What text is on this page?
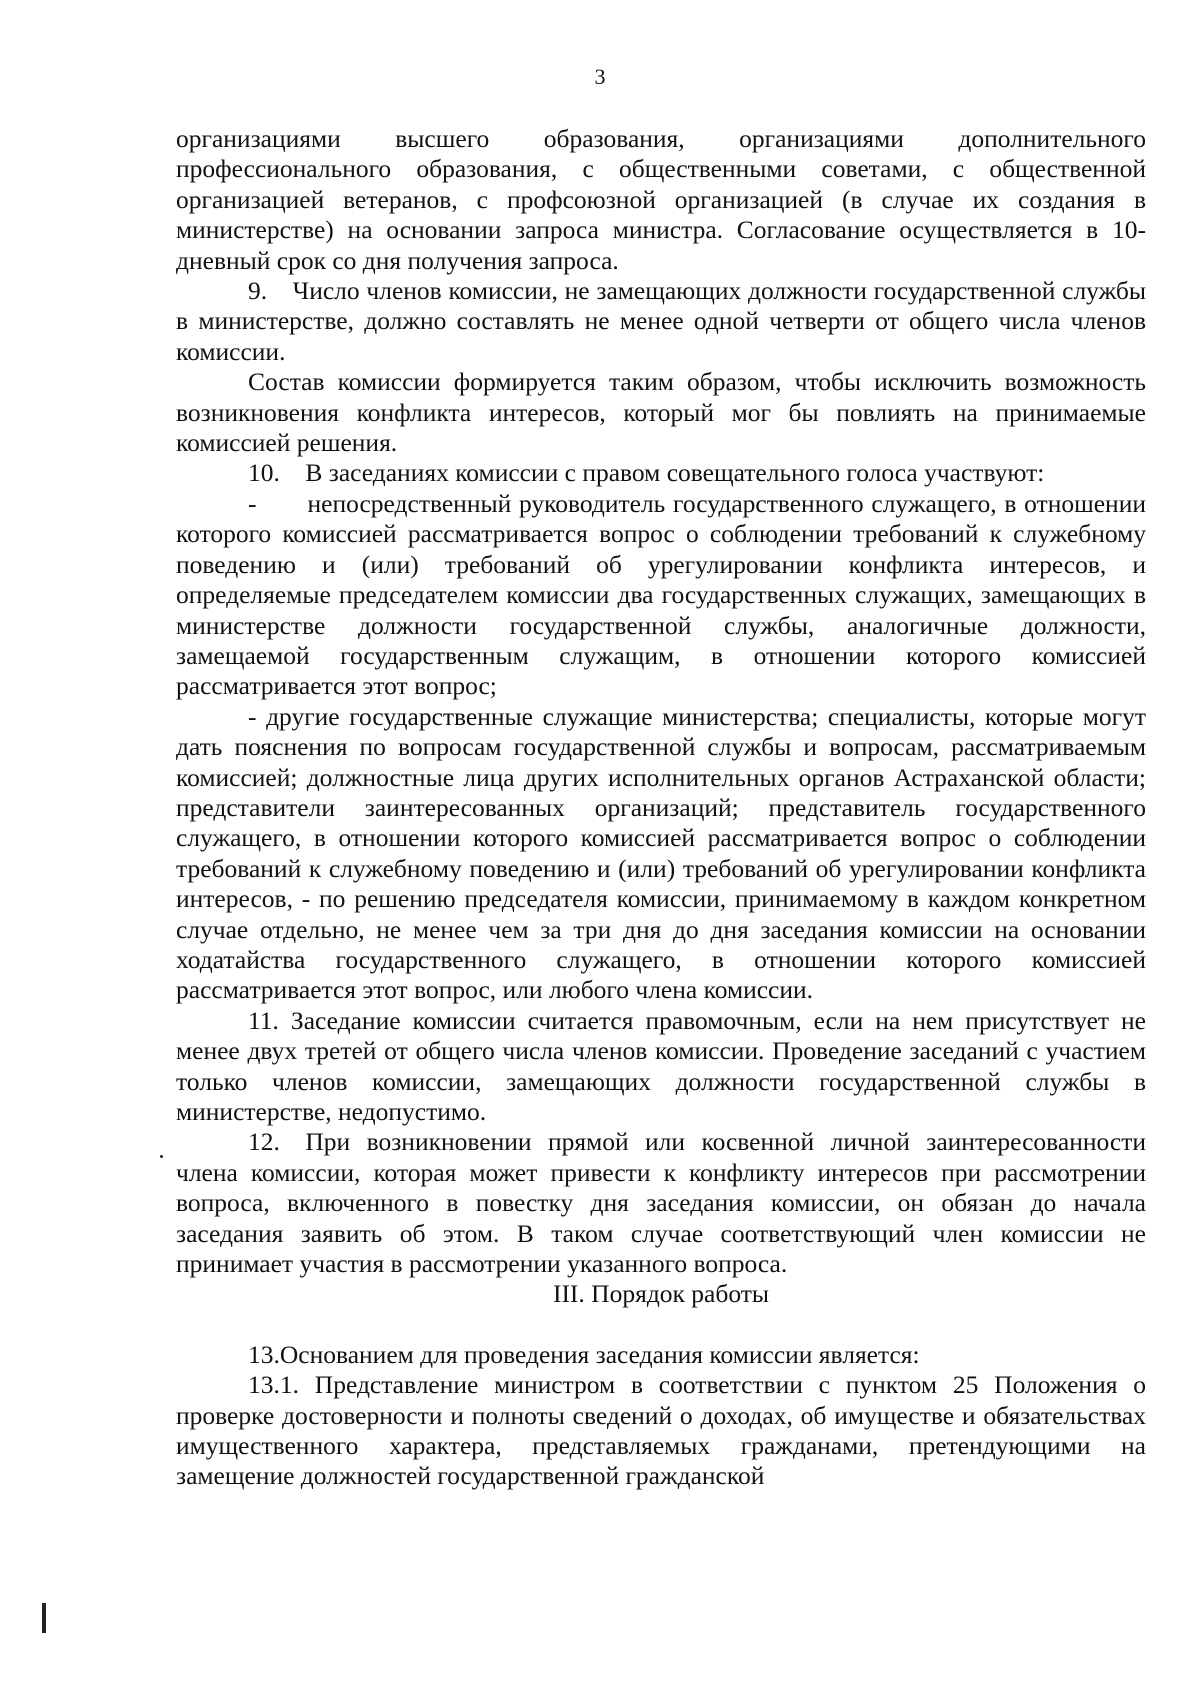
3

организациями высшего образования, организациями дополнительного профессионального образования, с общественными советами, с общественной организацией ветеранов, с профсоюзной организацией (в случае их создания в министерстве) на основании запроса министра. Согласование осуществляется в 10-дневный срок со дня получения запроса.

9. Число членов комиссии, не замещающих должности государственной службы в министерстве, должно составлять не менее одной четверти от общего числа членов комиссии.

Состав комиссии формируется таким образом, чтобы исключить возможность возникновения конфликта интересов, который мог бы повлиять на принимаемые комиссией решения.

10. В заседаниях комиссии с правом совещательного голоса участвуют:

-  непосредственный руководитель государственного служащего, в отношении которого комиссией рассматривается вопрос о соблюдении требований к служебному поведению и (или) требований об урегулировании конфликта интересов, и определяемые председателем комиссии два государственных служащих, замещающих в министерстве должности государственной службы, аналогичные должности, замещаемой государственным служащим, в отношении которого комиссией рассматривается этот вопрос;

- другие государственные служащие министерства; специалисты, которые могут дать пояснения по вопросам государственной службы и вопросам, рассматриваемым комиссией; должностные лица других исполнительных органов Астраханской области; представители заинтересованных организаций; представитель государственного служащего, в отношении которого комиссией рассматривается вопрос о соблюдении требований к служебному поведению и (или) требований об урегулировании конфликта интересов, - по решению председателя комиссии, принимаемому в каждом конкретном случае отдельно, не менее чем за три дня до дня заседания комиссии на основании ходатайства государственного служащего, в отношении которого комиссией рассматривается этот вопрос, или любого члена комиссии.

11. Заседание комиссии считается правомочным, если на нем присутствует не менее двух третей от общего числа членов комиссии. Проведение заседаний с участием только членов комиссии, замещающих должности государственной службы в министерстве, недопустимо.

12. При возникновении прямой или косвенной личной заинтересованности члена комиссии, которая может привести к конфликту интересов при рассмотрении вопроса, включенного в повестку дня заседания комиссии, он обязан до начала заседания заявить об этом. В таком случае соответствующий член комиссии не принимает участия в рассмотрении указанного вопроса.

III. Порядок работы

13.Основанием для проведения заседания комиссии является:

13.1. Представление министром в соответствии с пунктом 25 Положения о проверке достоверности и полноты сведений о доходах, об имуществе и обязательствах имущественного характера, представляемых гражданами, претендующими на замещение должностей государственной гражданской
